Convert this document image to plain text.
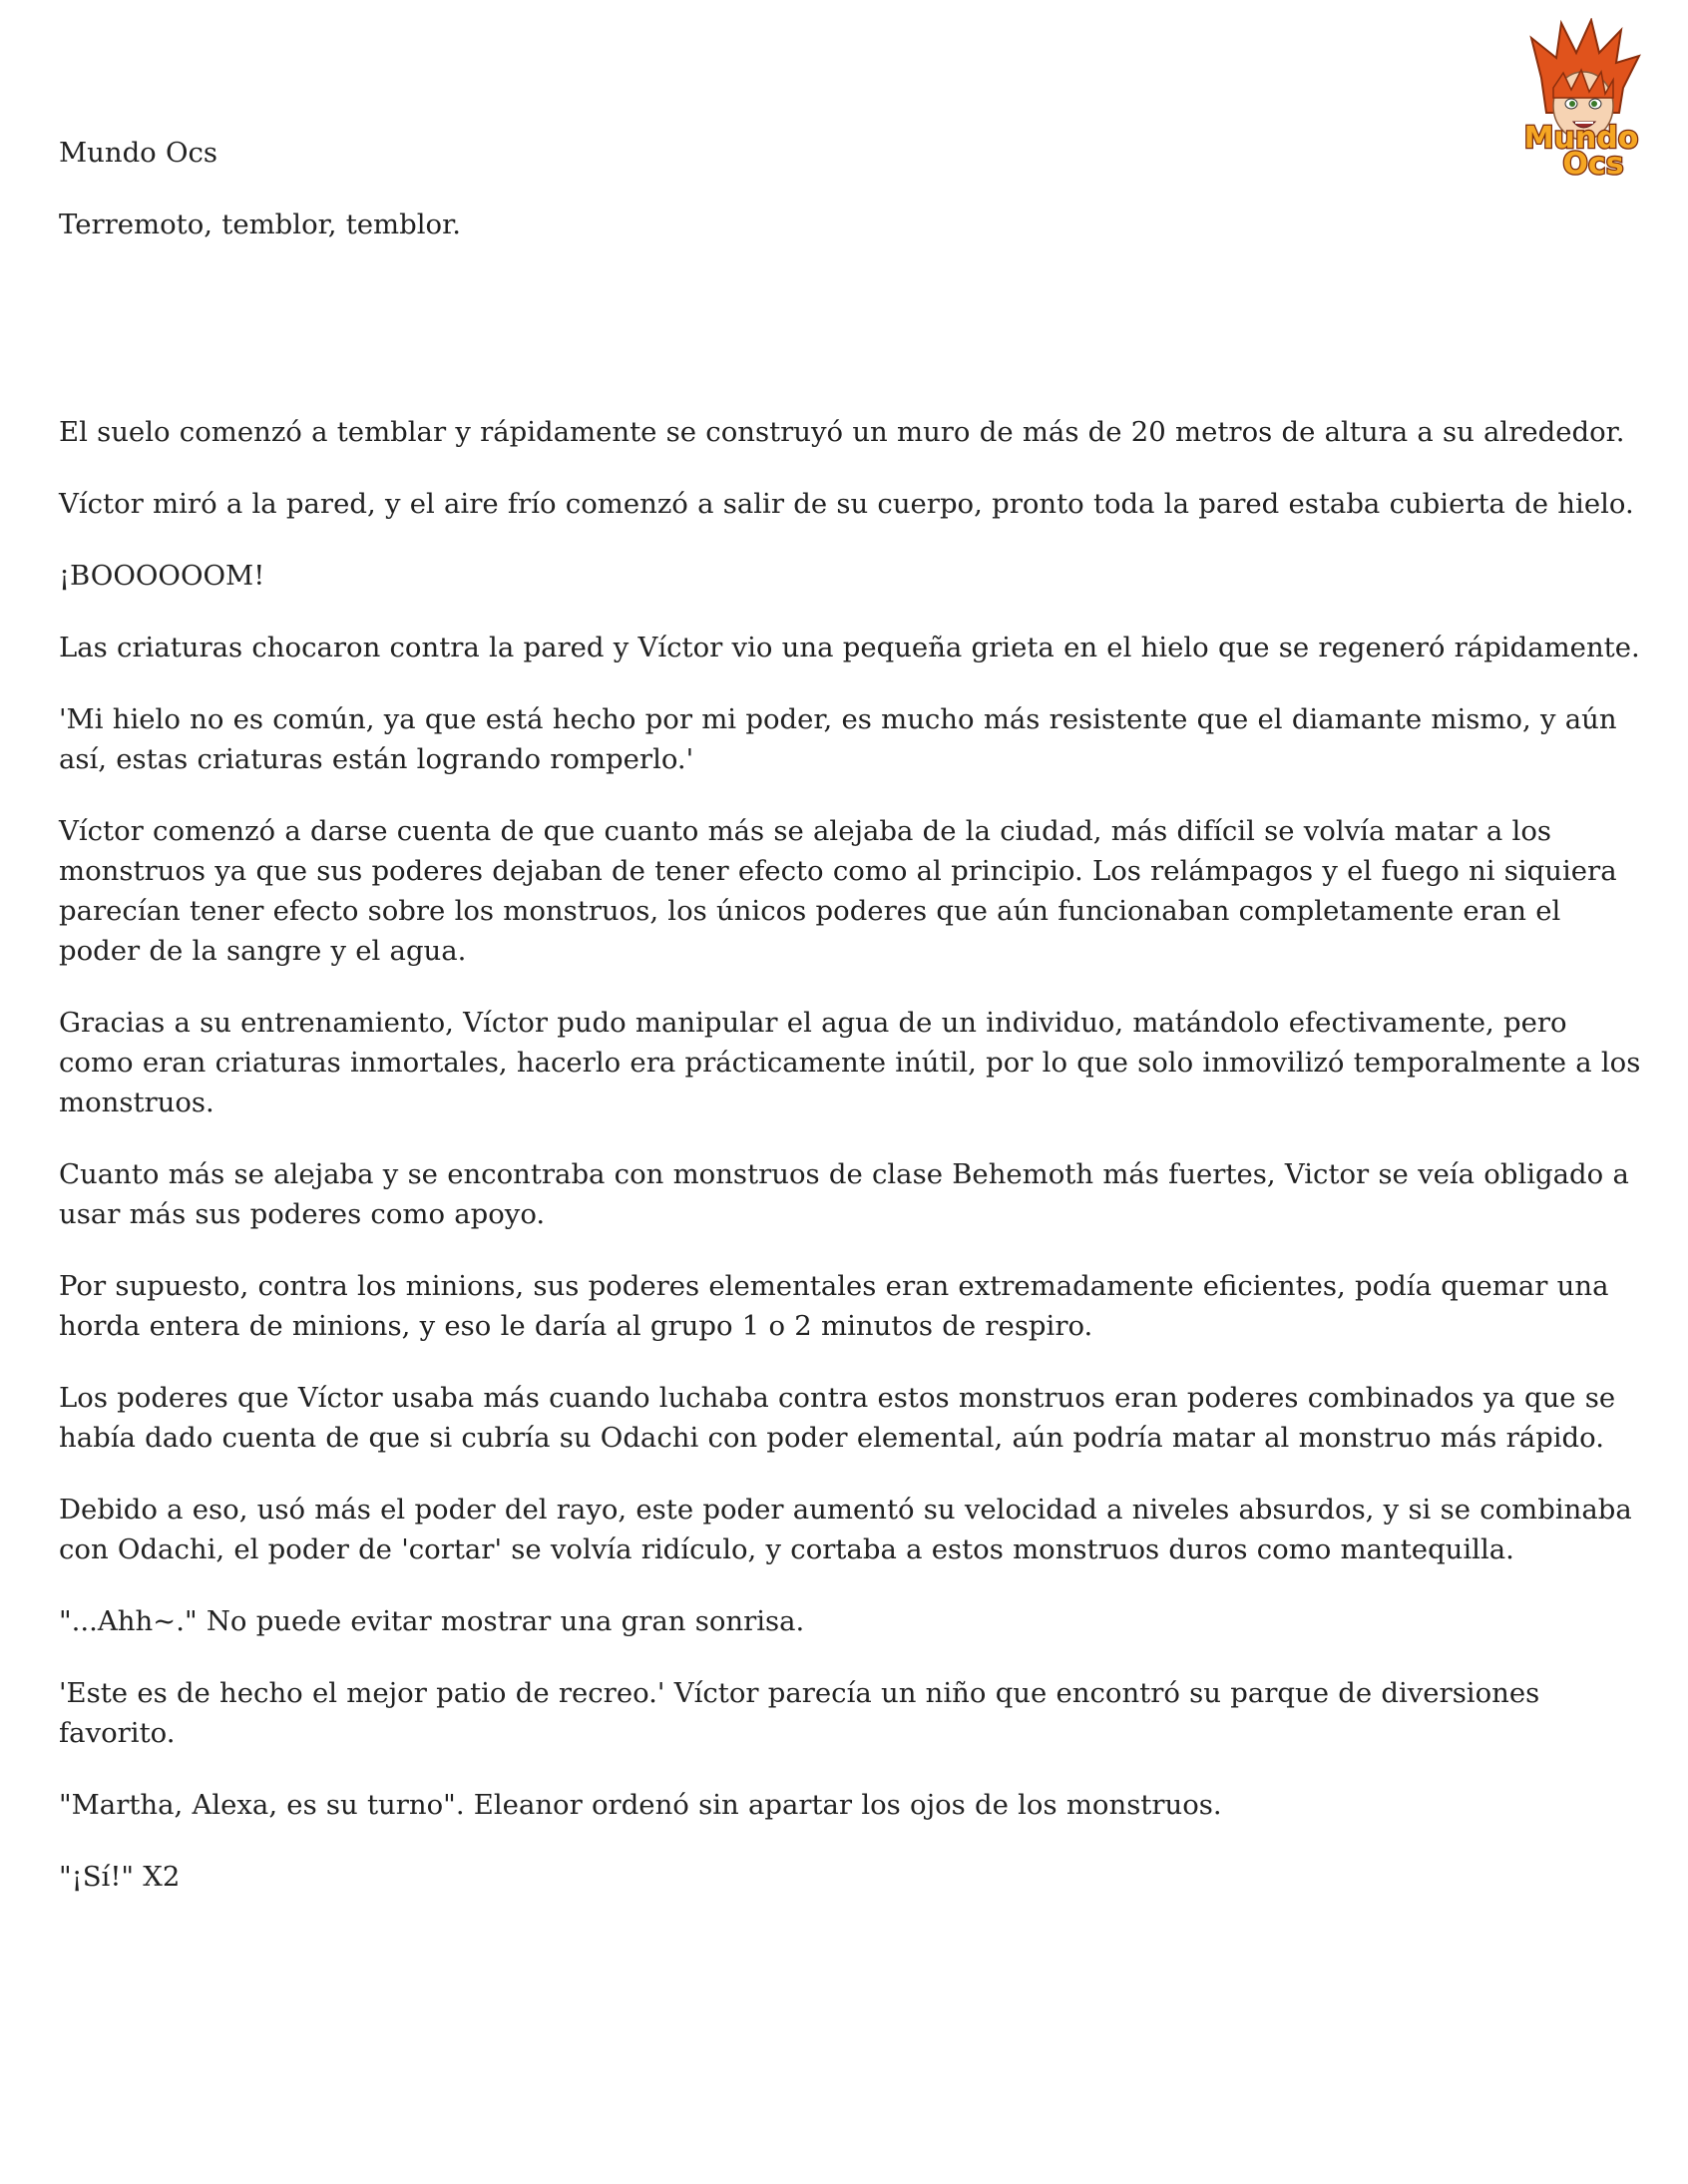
Mundo
Ocs

Mundo Ocs

Terremoto, temblor, temblor.

El suelo comenzó a temblar y rápidamente se construyó un muro de más de 20 metros de altura a su alrededor.

Víctor miró a la pared, y el aire frío comenzó a salir de su cuerpo, pronto toda la pared estaba cubierta de hielo.

¡BOOOOOOM!

Las criaturas chocaron contra la pared y Víctor vio una pequeña grieta en el hielo que se regeneró rápidamente.

'Mi hielo no es común, ya que está hecho por mi poder, es mucho más resistente que el diamante mismo, y aún así, estas criaturas están logrando romperlo.'

Víctor comenzó a darse cuenta de que cuanto más se alejaba de la ciudad, más difícil se volvía matar a los monstruos ya que sus poderes dejaban de tener efecto como al principio. Los relámpagos y el fuego ni siquiera parecían tener efecto sobre los monstruos, los únicos poderes que aún funcionaban completamente eran el poder de la sangre y el agua.

Gracias a su entrenamiento, Víctor pudo manipular el agua de un individuo, matándolo efectivamente, pero como eran criaturas inmortales, hacerlo era prácticamente inútil, por lo que solo inmovilizó temporalmente a los monstruos.

Cuanto más se alejaba y se encontraba con monstruos de clase Behemoth más fuertes, Victor se veía obligado a usar más sus poderes como apoyo.

Por supuesto, contra los minions, sus poderes elementales eran extremadamente eficientes, podía quemar una horda entera de minions, y eso le daría al grupo 1 o 2 minutos de respiro.

Los poderes que Víctor usaba más cuando luchaba contra estos monstruos eran poderes combinados ya que se había dado cuenta de que si cubría su Odachi con poder elemental, aún podría matar al monstruo más rápido.

Debido a eso, usó más el poder del rayo, este poder aumentó su velocidad a niveles absurdos, y si se combinaba con Odachi, el poder de 'cortar' se volvía ridículo, y cortaba a estos monstruos duros como mantequilla.

"...Ahh~." No puede evitar mostrar una gran sonrisa.

'Este es de hecho el mejor patio de recreo.' Víctor parecía un niño que encontró su parque de diversiones favorito.

"Martha, Alexa, es su turno". Eleanor ordenó sin apartar los ojos de los monstruos.

"¡Sí!" X2
